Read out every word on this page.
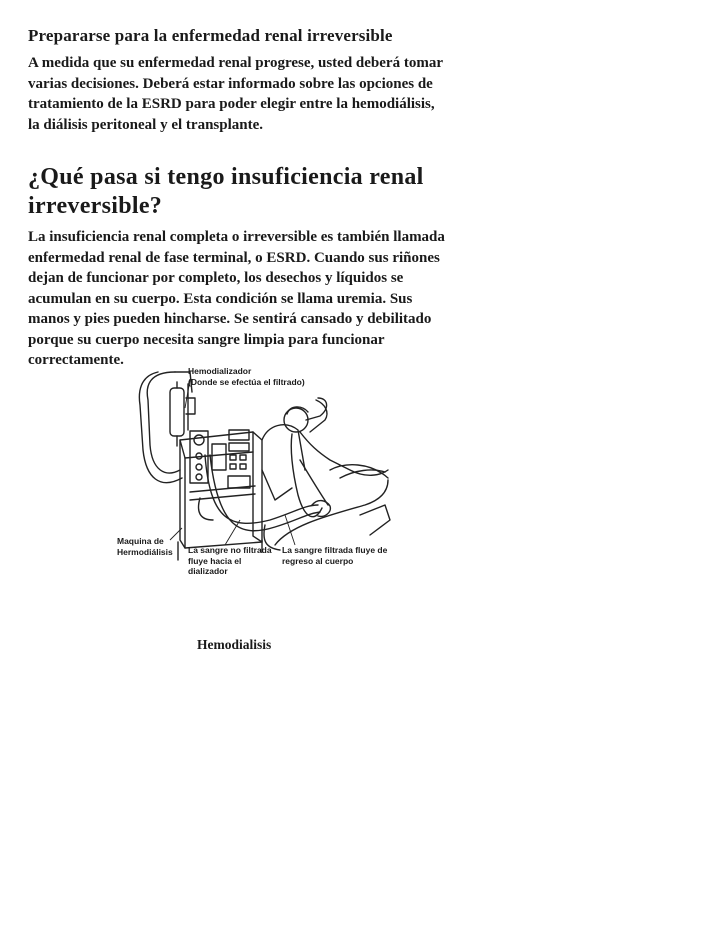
Prepararse para la enfermedad renal irreversible

A medida que su enfermedad renal progrese, usted deberá tomar varias decisiones. Deberá estar informado sobre las opciones de tratamiento de la ESRD para poder elegir entre la hemodiálisis, la diálisis peritoneal y el transplante.

¿Qué pasa si tengo insuficiencia renal irreversible?

La insuficiencia renal completa o irreversible es también llamada enfermedad renal de fase terminal, o ESRD. Cuando sus riñones dejan de funcionar por completo, los desechos y líquidos se acumulan en su cuerpo. Esta condición se llama uremia. Sus manos y pies pueden hincharse. Se sentirá cansado y debilitado porque su cuerpo necesita sangre limpia para funcionar correctamente.

Hemodializador
(Donde se efectúa el filtrado)
Maquina de Hermodiálisis	La sangre no filtrada fluye hacia el dializador
La sangre filtrada fluye de regreso al cuerpo

Hemodialisis
